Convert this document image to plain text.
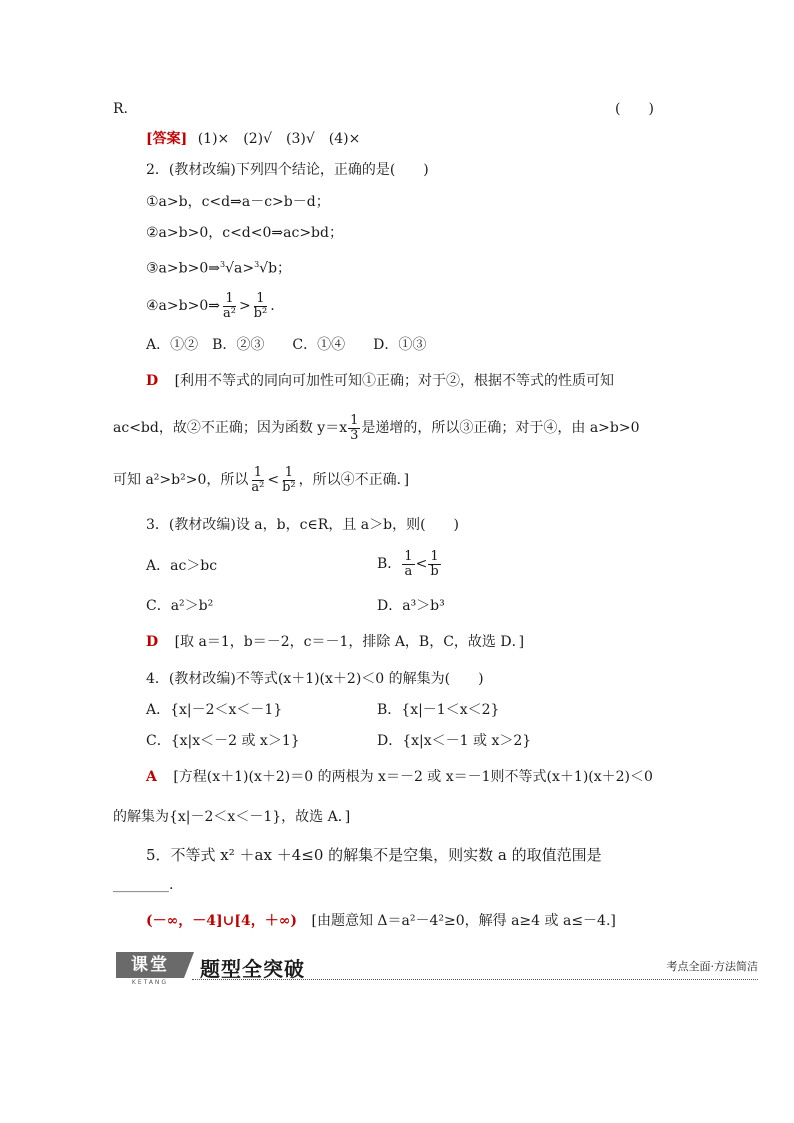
R.	(　　)
[答案] (1)×　(2)√　(3)√　(4)×
2．(教材改编)下列四个结论，正确的是(　　)
①a>b，c<d⇒a－c>b－d；
②a>b>0，c<d<0⇒ac>bd；
③a>b>0⇒$^3$√a>$^3$√b；
④a>b>0⇒ $\frac{1}{\text{a²}} > \frac{1}{\text{b²}}$ .
A．①②　B．②③　　C．①④　　D．①③
D [利用不等式的同向可加性可知①正确；对于②，根据不等式的性质可知
ac<bd，故②不正确；因为函数 $y=x \frac{1}{3}$ 是递增的，所以③正确；对于④，由 a>b>0
可知 a²>b²>0，所以 $\frac{1}{\text{a²}} < \frac{1}{\text{b²}}$ ，所以④不正确．]
3．(教材改编)设 a，b，c∈R，且 a＞b，则(　　)
A．ac＞bc	B． $\frac{1}{a} < \frac{1}{b}$
C．a²＞b²	D．a³＞b³
D [取 a＝1，b＝－2，c＝－1，排除 A，B，C，故选 D．]
4．(教材改编)不等式(x＋1)(x＋2)＜0 的解集为(　　)
A．{x|－2＜x＜－1}	B．{x|－1＜x＜2}
C．{x|x＜－2 或 x＞1}	D．{x|x＜－1 或 x＞2}
A [方程(x＋1)(x＋2)＝0 的两根为 x＝－2 或 x＝－1则不等式(x＋1)(x＋2)＜0
的解集为{x|－2＜x＜－1}，故选 A．]
5．不等式 x² ＋ax ＋4≤0 的解集不是空集，则实数 a 的取值范围是
________.
(－∞，－4]∪[4，＋∞) [由题意知 Δ＝a²－4²≥0，解得 a≥4 或 a≤－4.]
课堂
KETANG
题型全突破	考点全面·方法简洁
